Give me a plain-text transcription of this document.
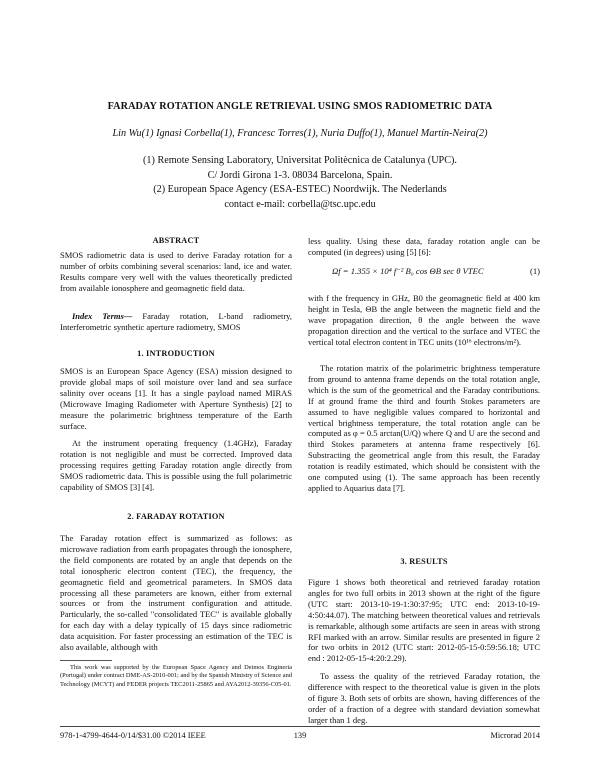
FARADAY ROTATION ANGLE RETRIEVAL USING SMOS RADIOMETRIC DATA
Lin Wu(1) Ignasi Corbella(1), Francesc Torres(1), Nuria Duffo(1), Manuel Martín-Neira(2)
(1) Remote Sensing Laboratory, Universitat Politècnica de Catalunya (UPC).
C/ Jordi Girona 1-3. 08034 Barcelona, Spain.
(2) European Space Agency (ESA-ESTEC) Noordwijk. The Nederlands
contact e-mail: corbella@tsc.upc.edu
ABSTRACT
SMOS radiometric data is used to derive Faraday rotation for a number of orbits combining several scenarios: land, ice and water. Results compare very well with the values theoretically predicted from available ionosphere and geomagnetic field data.
Index Terms— Faraday rotation, L-band radiometry, Interferometric synthetic aperture radiometry, SMOS
1. INTRODUCTION
SMOS is an European Space Agency (ESA) mission designed to provide global maps of soil moisture over land and sea surface salinity over oceans [1]. It has a single payload named MIRAS (Microwave Imaging Radiometer with Aperture Synthesis) [2] to measure the polarimetric brightness temperature of the Earth surface.
At the instrument operating frequency (1.4GHz), Faraday rotation is not negligible and must be corrected. Improved data processing requires getting Faraday rotation angle directly from SMOS radiometric data. This is possible using the full polarimetric capability of SMOS [3] [4].
2. FARADAY ROTATION
The Faraday rotation effect is summarized as follows: as microwave radiation from earth propagates through the ionosphere, the field components are rotated by an angle that depends on the total ionospheric electron content (TEC), the frequency, the geomagnetic field and geometrical parameters. In SMOS data processing all these parameters are known, either from external sources or from the instrument configuration and attitude. Particularly, the so-called "consolidated TEC" is available globally for each day with a delay typically of 15 days since radiometric data acquisition. For faster processing an estimation of the TEC is also available, although with
This work was supported by the European Space Agency and Deimos Engineria (Portugal) under contract DME-AS-2010-001; and by the Spanish Ministry of Science and Technology (MCYT) and FEDER projects TEC2011-25865 and AYA2012-39356-C05-01.
less quality. Using these data, faraday rotation angle can be computed (in degrees) using [5] [6]:
with f the frequency in GHz, B0 the geomagnetic field at 400 km height in Tesla, ΘB the angle between the magnetic field and the wave propagation direction, θ the angle between the wave propagation direction and the vertical to the surface and VTEC the vertical total electron content in TEC units (10¹⁶ electrons/m²).
The rotation matrix of the polarimetric brightness temperature from ground to antenna frame depends on the total rotation angle, which is the sum of the geometrical and the Faraday contributions. If at ground frame the third and fourth Stokes parameters are assumed to have negligible values compared to horizontal and vertical brightness temperature, the total rotation angle can be computed as φ = 0.5 arctan(U/Q) where Q and U are the second and third Stokes parameters at antenna frame respectively [6]. Substracting the geometrical angle from this result, the Faraday rotation is readily estimated, which should be consistent with the one computed using (1). The same approach has been recently applied to Aquarius data [7].
3. RESULTS
Figure 1 shows both theoretical and retrieved faraday rotation angles for two full orbits in 2013 shown at the right of the figure (UTC start: 2013-10-19-1:30:37:95; UTC end: 2013-10-19-4:50:44.07). The matching between theoretical values and retrievals is remarkable, although some artifacts are seen in areas with strong RFI marked with an arrow. Similar results are presented in figure 2 for two orbits in 2012 (UTC start: 2012-05-15-0:59:56.18; UTC end : 2012-05-15-4:20:2.29).
To assess the quality of the retrieved Faraday rotation, the difference with respect to the theoretical value is given in the plots of figure 3. Both sets of orbits are shown, having differences of the order of a fraction of a degree with standard deviation somewhat larger than 1 deg.
Ωf = 1.355 × 10⁴ f⁻² B₀ cos ΘB sec θ VTEC	(1)
978-1-4799-4644-0/14/$31.00 ©2014 IEEE	139	Microrad 2014
